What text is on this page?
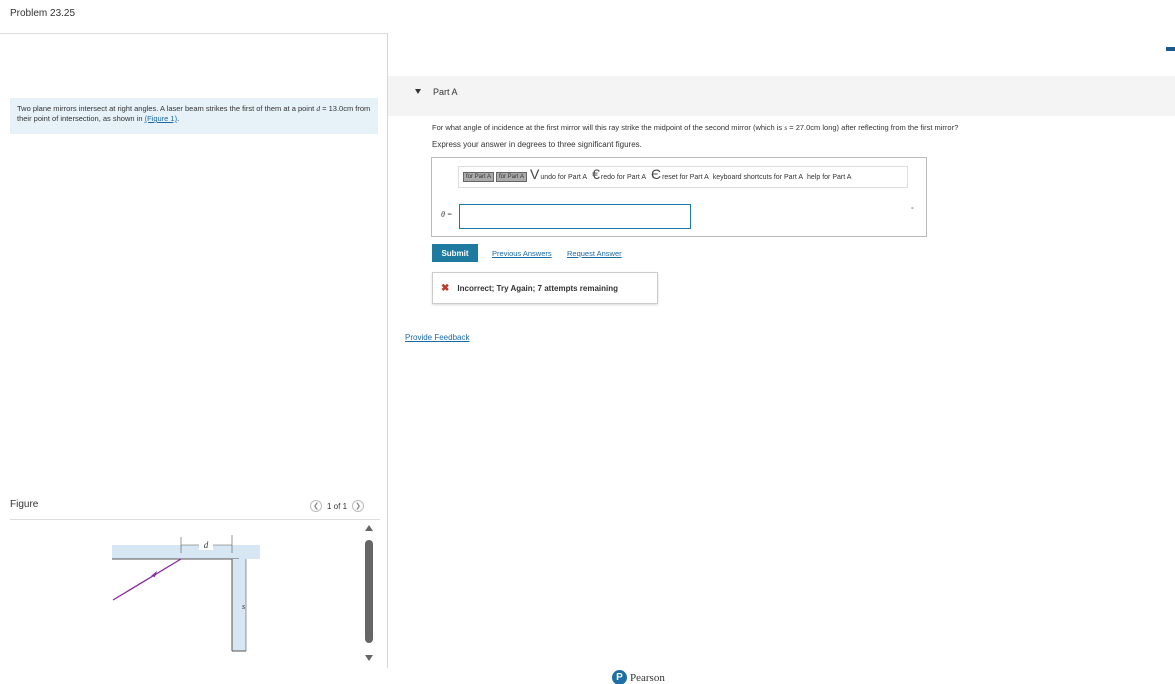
Problem 23.25
Two plane mirrors intersect at right angles. A laser beam strikes the first of them at a point d = 13.0cm from their point of intersection, as shown in (Figure 1).
Figure	❮	1 of 1	❯
d
s
Part A
For what angle of incidence at the first mirror will this ray strike the midpoint of the second mirror (which is s = 27.0cm long) after reflecting from the first mirror?
Express your answer in degrees to three significant figures.
for Part A	for Part A V undo for Part A € redo for Part A Є reset for Part A keyboard shortcuts for Part A help for Part A
θ =	°
Submit	Previous Answers Request Answer
✖ Incorrect; Try Again; 7 attempts remaining
Provide Feedback
P Pearson
